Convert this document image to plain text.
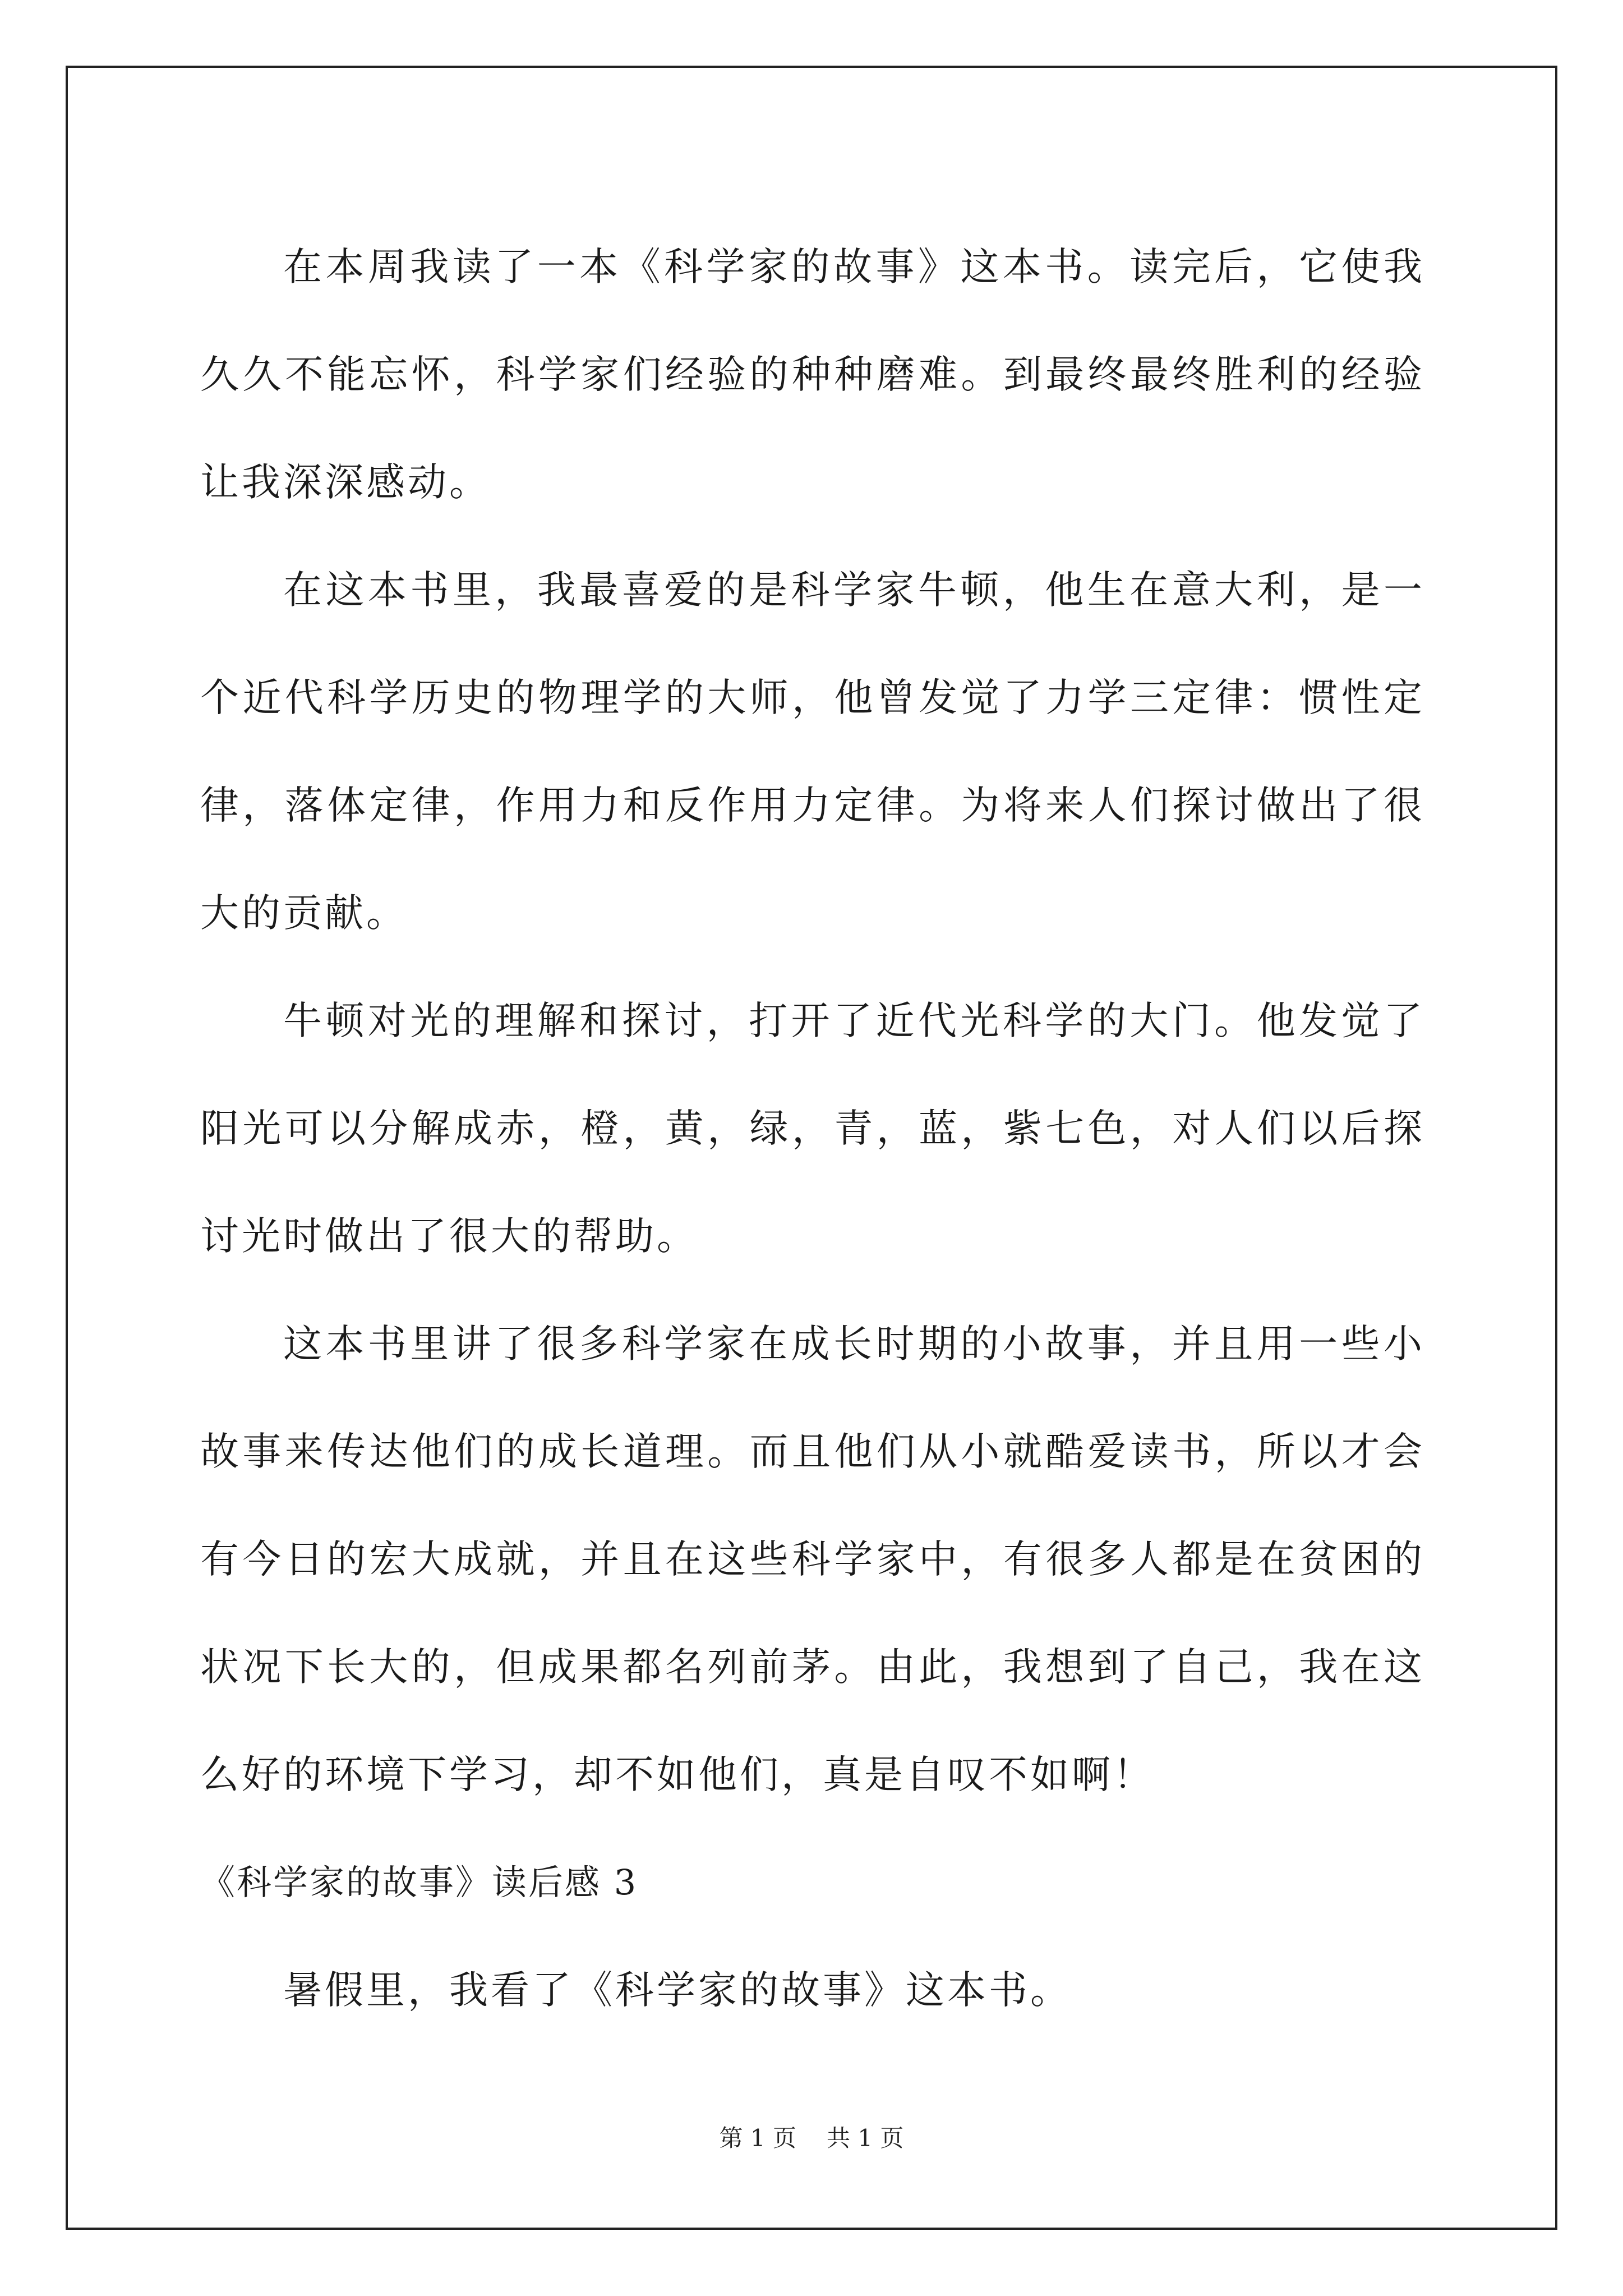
在本周我读了一本《科学家的故事》这本书。读完后，它使我久久不能忘怀，科学家们经验的种种磨难。到最终最终胜利的经验让我深深感动。

在这本书里，我最喜爱的是科学家牛顿，他生在意大利，是一个近代科学历史的物理学的大师，他曾发觉了力学三定律：惯性定律，落体定律，作用力和反作用力定律。为将来人们探讨做出了很大的贡献。

牛顿对光的理解和探讨，打开了近代光科学的大门。他发觉了阳光可以分解成赤，橙，黄，绿，青，蓝，紫七色，对人们以后探讨光时做出了很大的帮助。

这本书里讲了很多科学家在成长时期的小故事，并且用一些小故事来传达他们的成长道理。而且他们从小就酷爱读书，所以才会有今日的宏大成就，并且在这些科学家中，有很多人都是在贫困的状况下长大的，但成果都名列前茅。由此，我想到了自己，我在这么好的环境下学习，却不如他们，真是自叹不如啊！

《科学家的故事》读后感 3

暑假里，我看了《科学家的故事》这本书。

第 1 页 共 1 页
